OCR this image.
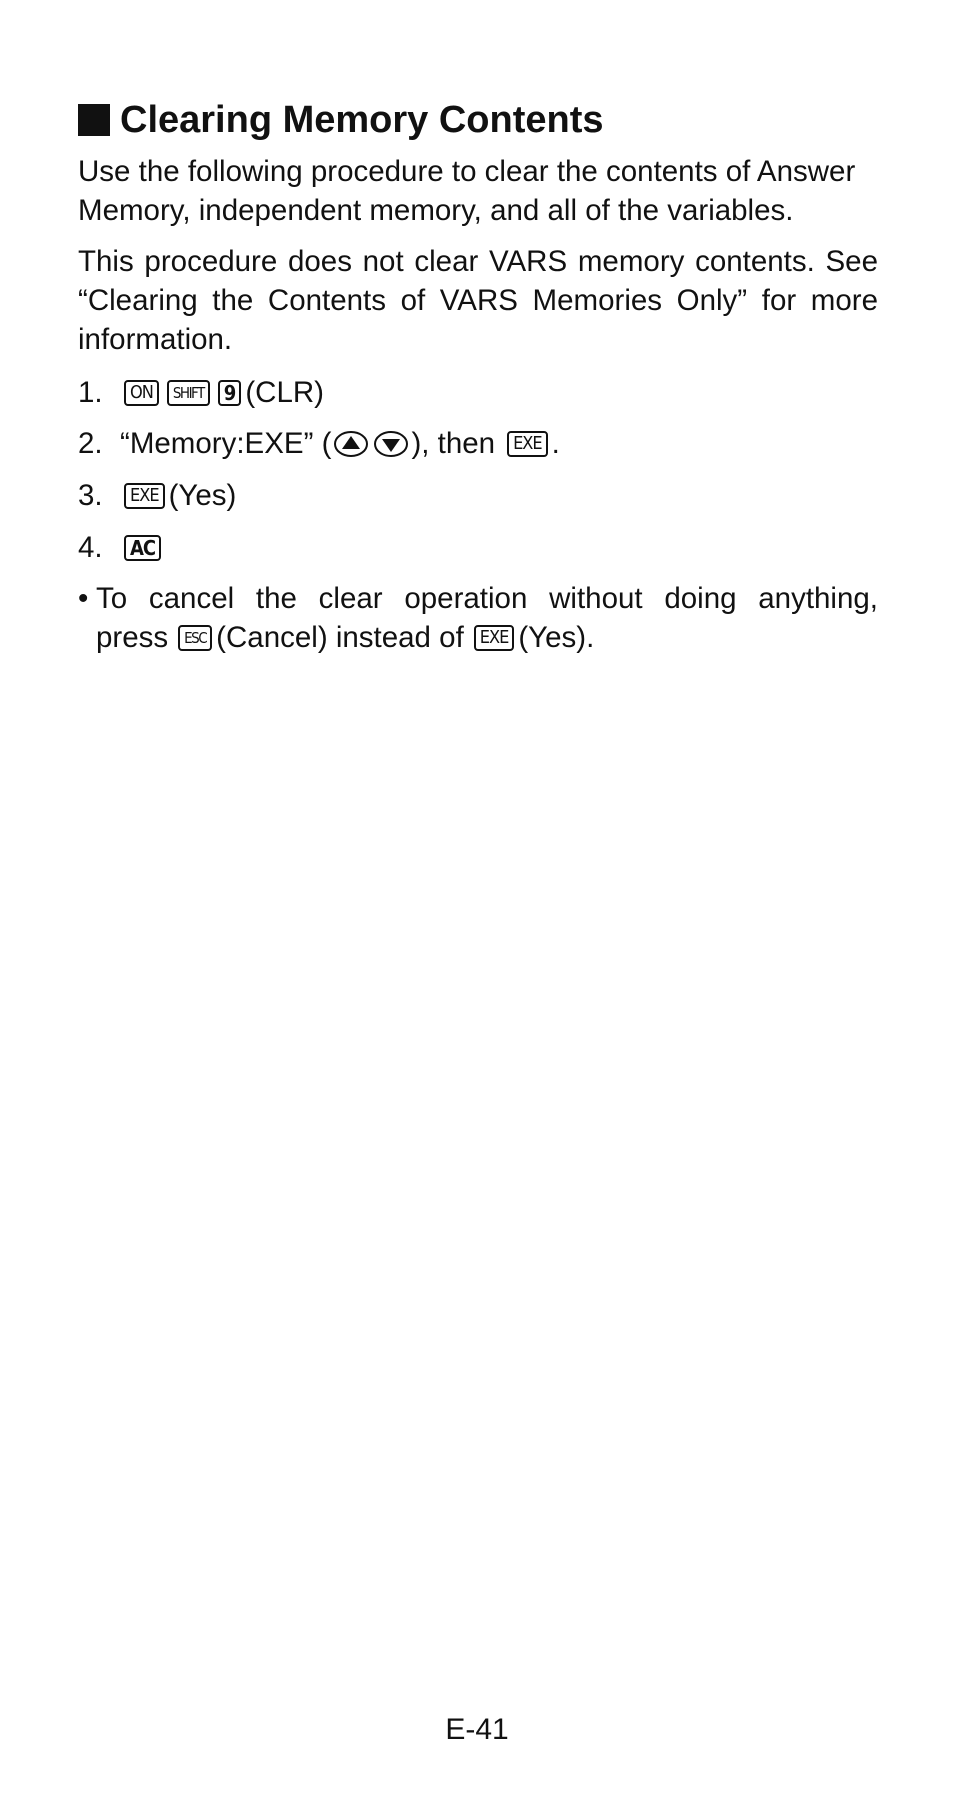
Clearing Memory Contents

Use the following procedure to clear the contents of Answer Memory, independent memory, and all of the variables.

This procedure does not clear VARS memory contents. See “Clearing the Contents of VARS Memories Only” for more information.

1.	ON	SHIFT	9 (CLR)
2. “Memory:EXE” (	), then	EXE .
3.	EXE (Yes)
4.	AC
• To cancel the clear operation without doing anything,
press	ESC (Cancel) instead of EXE (Yes).
E-41
